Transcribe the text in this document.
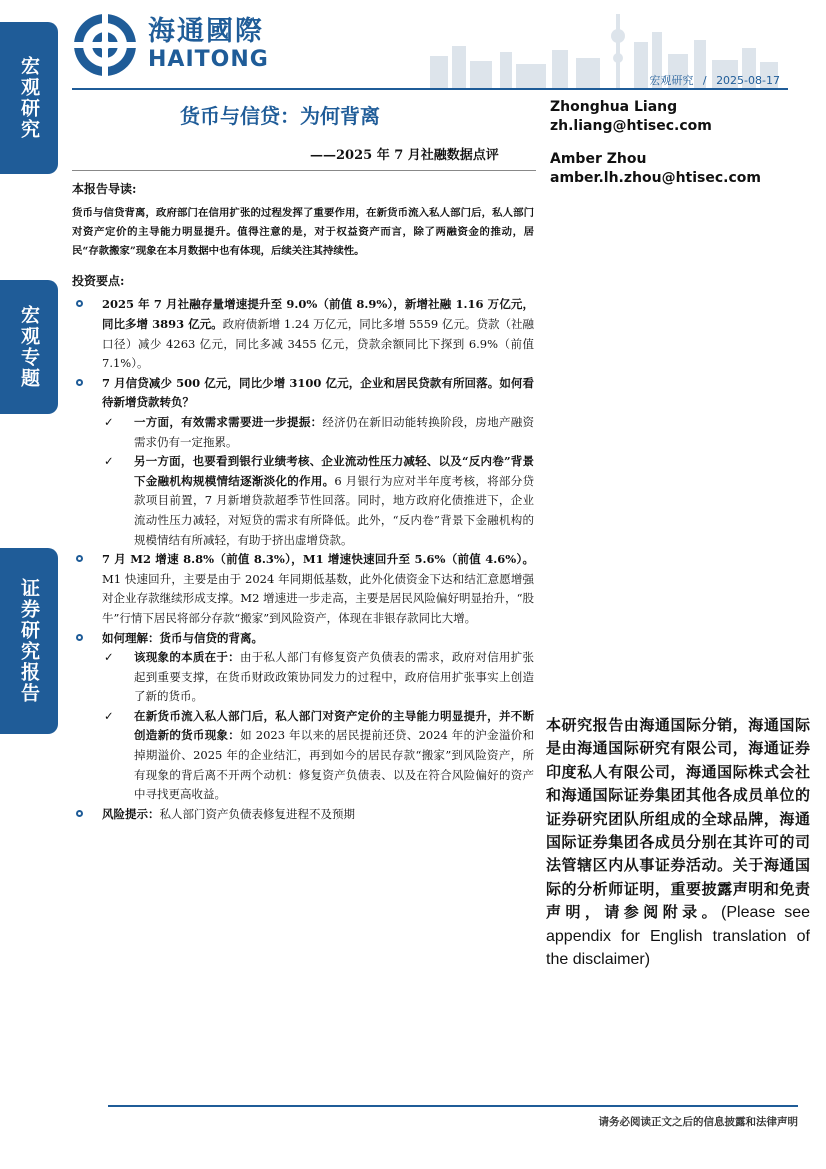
宏观研究
宏观专题
证券研究报告
海通國際
HAITONG
宏观研究 / 2025-08-17
货币与信贷：为何背离
——2025 年 7 月社融数据点评
Zhonghua Liang
zh.liang@htisec.com
Amber Zhou
amber.lh.zhou@htisec.com

本报告导读:

货币与信贷背离，政府部门在信用扩张的过程发挥了重要作用，在新货币流入私人部门后，私人部门对资产定价的主导能力明显提升。值得注意的是，对于权益资产而言，除了两融资金的推动，居民“存款搬家”现象在本月数据中也有体现，后续关注其持续性。

投资要点:

2025 年 7 月社融存量增速提升至 9.0%（前值 8.9%），新增社融 1.16 万亿元，同比多增 3893 亿元。政府债新增 1.24 万亿元，同比多增 5559 亿元。贷款（社融口径）减少 4263 亿元，同比多减 3455 亿元，贷款余额同比下探到 6.9%（前值 7.1%）。
7 月信贷减少 500 亿元，同比少增 3100 亿元，企业和居民贷款有所回落。如何看待新增贷款转负？
✓ 一方面，有效需求需要进一步提振：经济仍在新旧动能转换阶段，房地产融资需求仍有一定拖累。
✓ 另一方面，也要看到银行业绩考核、企业流动性压力减轻、以及“反内卷”背景下金融机构规模情结逐渐淡化的作用。6 月银行为应对半年度考核，将部分贷款项目前置，7 月新增贷款超季节性回落。同时，地方政府化债推进下，企业流动性压力减轻，对短贷的需求有所降低。此外，“反内卷”背景下金融机构的规模情结有所减轻，有助于挤出虚增贷款。
7 月 M2 增速 8.8%（前值 8.3%），M1 增速快速回升至 5.6%（前值 4.6%）。M1 快速回升，主要是由于 2024 年同期低基数，此外化债资金下达和结汇意愿增强对企业存款继续形成支撑。M2 增速进一步走高，主要是居民风险偏好明显抬升，“股牛”行情下居民将部分存款“搬家”到风险资产，体现在非银存款同比大增。
如何理解：货币与信贷的背离。
✓ 该现象的本质在于：由于私人部门有修复资产负债表的需求，政府对信用扩张起到重要支撑，在货币财政政策协同发力的过程中，政府信用扩张事实上创造了新的货币。
✓ 在新货币流入私人部门后，私人部门对资产定价的主导能力明显提升，并不断创造新的货币现象：如 2023 年以来的居民提前还贷、2024 年的沪金溢价和掉期溢价、2025 年的企业结汇，再到如今的居民存款“搬家”到风险资产，所有现象的背后离不开两个动机：修复资产负债表、以及在符合风险偏好的资产中寻找更高收益。
风险提示：私人部门资产负债表修复进程不及预期
本研究报告由海通国际分销，海通国际是由海通国际研究有限公司，海通证券印度私人有限公司，海通国际株式会社和海通国际证券集团其他各成员单位的证券研究团队所组成的全球品牌，海通国际证券集团各成员分别在其许可的司法管辖区内从事证券活动。关于海通国际的分析师证明，重要披露声明和免责声明，请参阅附录。(Please see appendix for English translation of the disclaimer)
请务必阅读正文之后的信息披露和法律声明
